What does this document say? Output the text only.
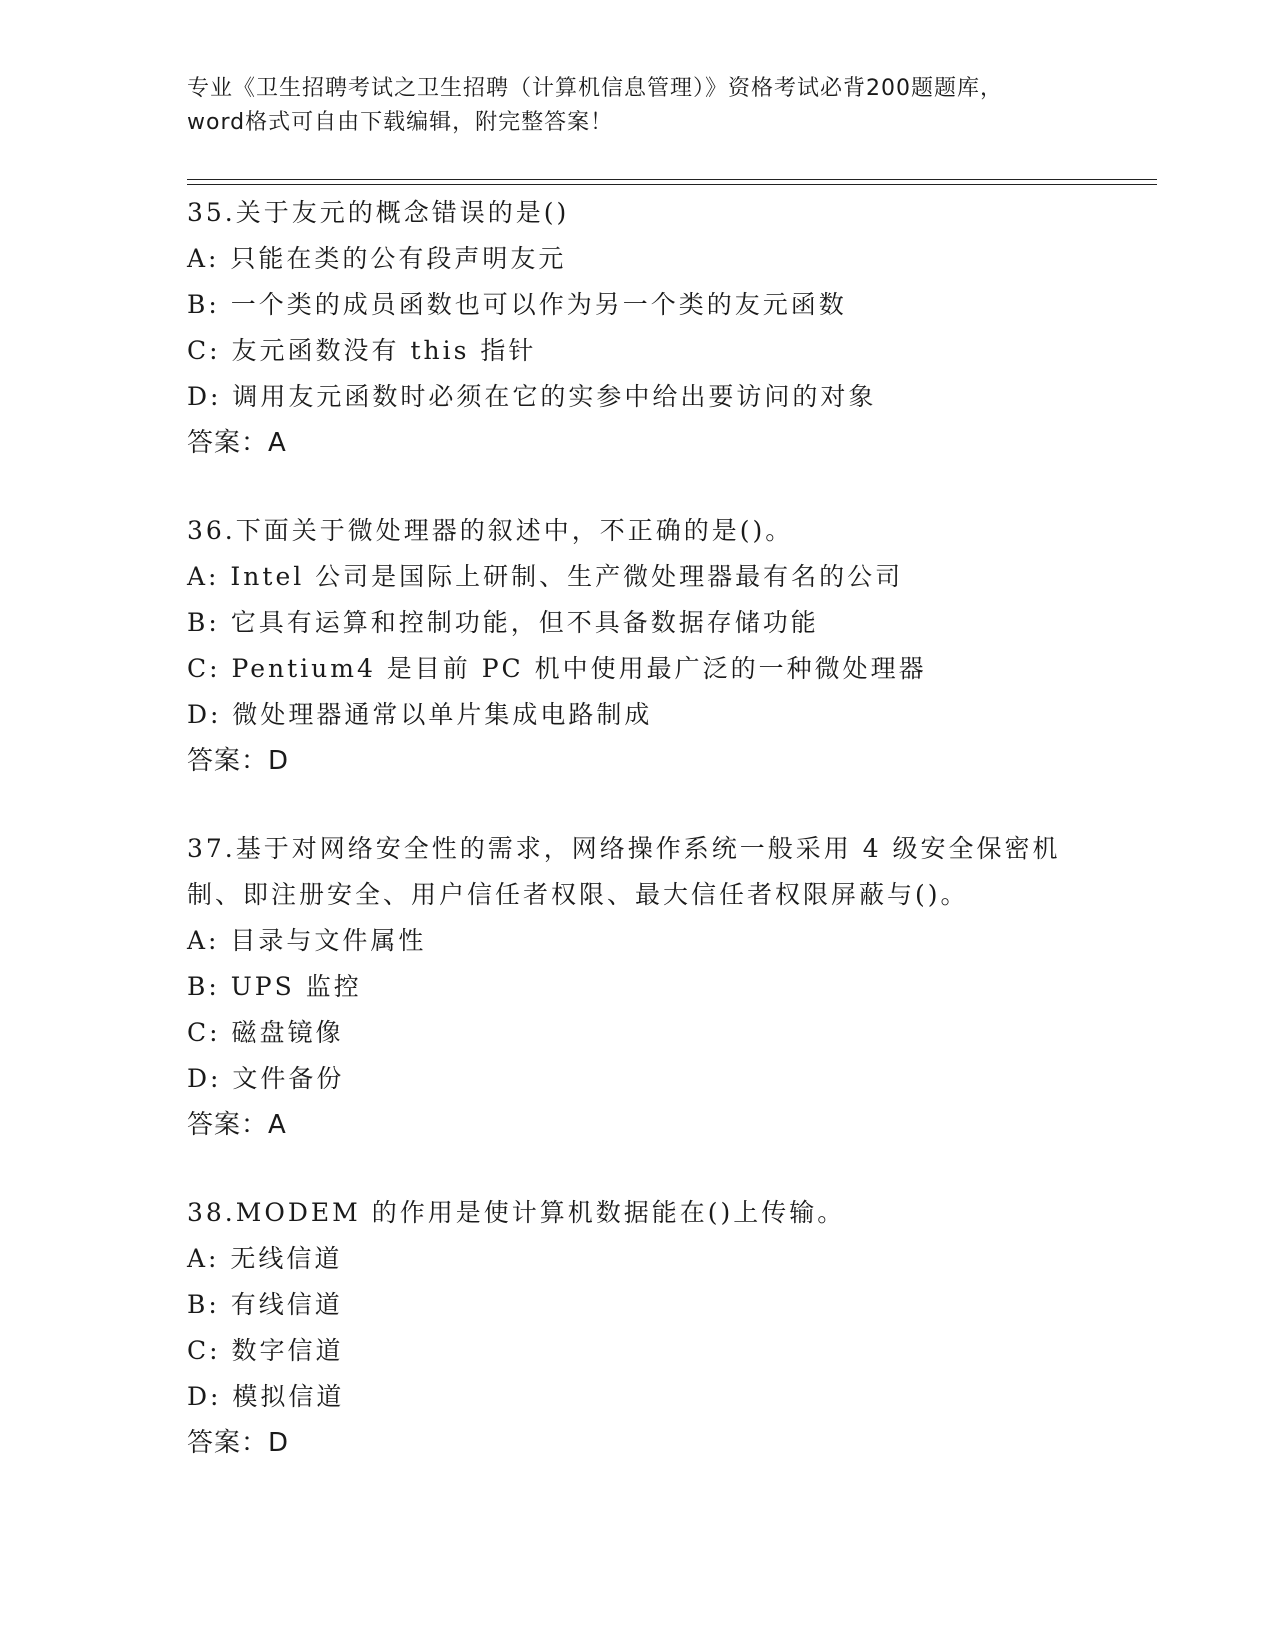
专业《卫生招聘考试之卫生招聘（计算机信息管理）》资格考试必背200题题库，
word格式可自由下载编辑，附完整答案！
35.关于友元的概念错误的是()
A: 只能在类的公有段声明友元
B: 一个类的成员函数也可以作为另一个类的友元函数
C: 友元函数没有 this 指针
D: 调用友元函数时必须在它的实参中给出要访问的对象
答案：A
36.下面关于微处理器的叙述中，不正确的是()。
A: Intel 公司是国际上研制、生产微处理器最有名的公司
B: 它具有运算和控制功能，但不具备数据存储功能
C: Pentium4 是目前 PC 机中使用最广泛的一种微处理器
D: 微处理器通常以单片集成电路制成
答案：D
37.基于对网络安全性的需求，网络操作系统一般采用 4 级安全保密机
制、即注册安全、用户信任者权限、最大信任者权限屏蔽与()。
A: 目录与文件属性
B: UPS 监控
C: 磁盘镜像
D: 文件备份
答案：A
38.MODEM 的作用是使计算机数据能在()上传输。
A: 无线信道
B: 有线信道
C: 数字信道
D: 模拟信道
答案：D
